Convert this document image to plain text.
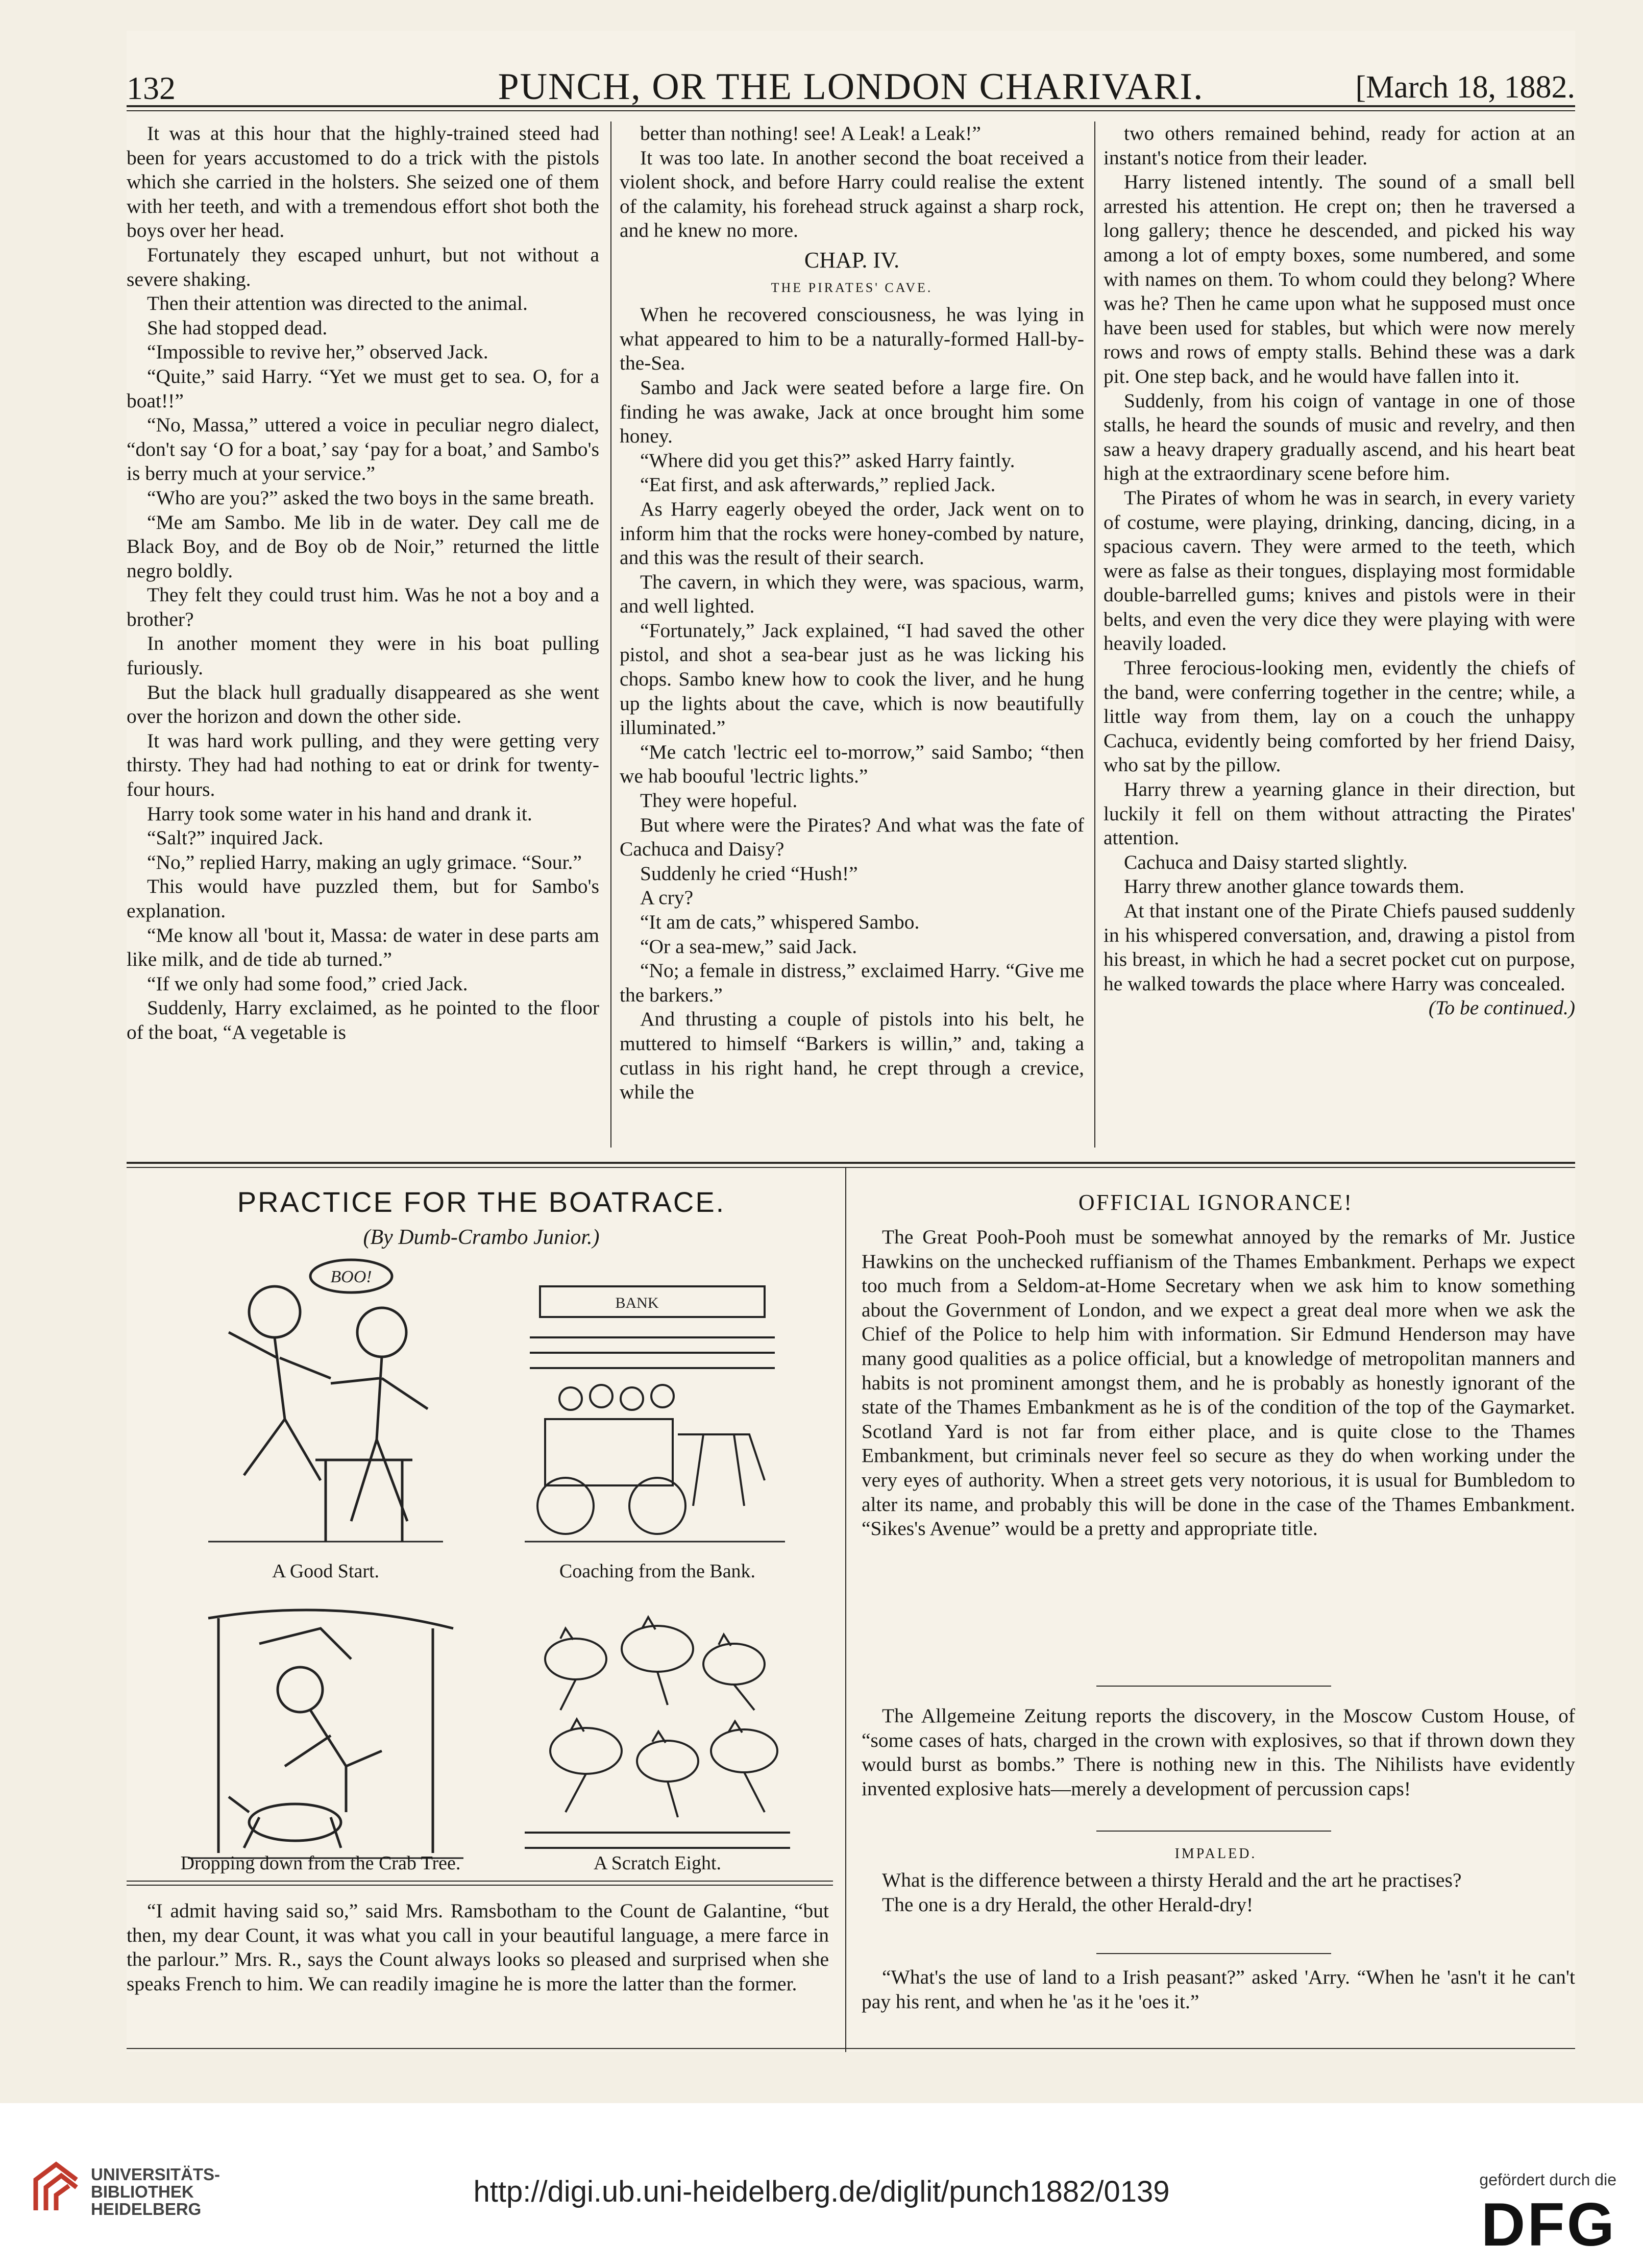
132	PUNCH, OR THE LONDON CHARIVARI.	[March 18, 1882.

It was at this hour that the highly-trained steed had been for years accustomed to do a trick with the pistols which she carried in the holsters. She seized one of them with her teeth, and with a tremendous effort shot both the boys over her head.

Fortunately they escaped unhurt, but not without a severe shaking.

Then their attention was directed to the animal.

She had stopped dead.

“Impossible to revive her,” observed Jack.

“Quite,” said Harry. “Yet we must get to sea. O, for a boat!!”

“No, Massa,” uttered a voice in peculiar negro dialect, “don't say ‘O for a boat,’ say ‘pay for a boat,’ and Sambo's is berry much at your service.”

“Who are you?” asked the two boys in the same breath.

“Me am Sambo. Me lib in de water. Dey call me de Black Boy, and de Boy ob de Noir,” returned the little negro boldly.

They felt they could trust him. Was he not a boy and a brother?

In another moment they were in his boat pulling furiously.

But the black hull gradually disappeared as she went over the horizon and down the other side.

It was hard work pulling, and they were getting very thirsty. They had had nothing to eat or drink for twenty-four hours.

Harry took some water in his hand and drank it.

“Salt?” inquired Jack.

“No,” replied Harry, making an ugly grimace. “Sour.”

This would have puzzled them, but for Sambo's explanation.

“Me know all 'bout it, Massa: de water in dese parts am like milk, and de tide ab turned.”

“If we only had some food,” cried Jack.

Suddenly, Harry exclaimed, as he pointed to the floor of the boat, “A vegetable is

better than nothing! see! A Leak! a Leak!”

It was too late. In another second the boat received a violent shock, and before Harry could realise the extent of the calamity, his forehead struck against a sharp rock, and he knew no more.

CHAP. IV.

THE PIRATES' CAVE.

When he recovered consciousness, he was lying in what appeared to him to be a naturally-formed Hall-by-the-Sea.

Sambo and Jack were seated before a large fire. On finding he was awake, Jack at once brought him some honey.

“Where did you get this?” asked Harry faintly.

“Eat first, and ask afterwards,” replied Jack.

As Harry eagerly obeyed the order, Jack went on to inform him that the rocks were honey-combed by nature, and this was the result of their search.

The cavern, in which they were, was spacious, warm, and well lighted.

“Fortunately,” Jack explained, “I had saved the other pistol, and shot a sea-bear just as he was licking his chops. Sambo knew how to cook the liver, and he hung up the lights about the cave, which is now beautifully illuminated.”

“Me catch 'lectric eel to-morrow,” said Sambo; “then we hab boouful 'lectric lights.”

They were hopeful.

But where were the Pirates? And what was the fate of Cachuca and Daisy?

Suddenly he cried “Hush!”

A cry?

“It am de cats,” whispered Sambo.

“Or a sea-mew,” said Jack.

“No; a female in distress,” exclaimed Harry. “Give me the barkers.”

And thrusting a couple of pistols into his belt, he muttered to himself “Barkers is willin,” and, taking a cutlass in his right hand, he crept through a crevice, while the

two others remained behind, ready for action at an instant's notice from their leader.

Harry listened intently. The sound of a small bell arrested his attention. He crept on; then he traversed a long gallery; thence he descended, and picked his way among a lot of empty boxes, some numbered, and some with names on them. To whom could they belong? Where was he? Then he came upon what he supposed must once have been used for stables, but which were now merely rows and rows of empty stalls. Behind these was a dark pit. One step back, and he would have fallen into it.

Suddenly, from his coign of vantage in one of those stalls, he heard the sounds of music and revelry, and then saw a heavy drapery gradually ascend, and his heart beat high at the extraordinary scene before him.

The Pirates of whom he was in search, in every variety of costume, were playing, drinking, dancing, dicing, in a spacious cavern. They were armed to the teeth, which were as false as their tongues, displaying most formidable double-barrelled gums; knives and pistols were in their belts, and even the very dice they were playing with were heavily loaded.

Three ferocious-looking men, evidently the chiefs of the band, were conferring together in the centre; while, a little way from them, lay on a couch the unhappy Cachuca, evidently being comforted by her friend Daisy, who sat by the pillow.

Harry threw a yearning glance in their direction, but luckily it fell on them without attracting the Pirates' attention.

Cachuca and Daisy started slightly.

Harry threw another glance towards them.

At that instant one of the Pirate Chiefs paused suddenly in his whispered conversation, and, drawing a pistol from his breast, in which he had a secret pocket cut on purpose, he walked towards the place where Harry was concealed.

(To be continued.)

PRACTICE FOR THE BOATRACE.
(By Dumb-Crambo Junior.)
BOO!
A Good Start.
BANK
Coaching from the Bank.
Dropping down from the Crab Tree.	A Scratch Eight.

“I admit having said so,” said Mrs. Ramsbotham to the Count de Galantine, “but then, my dear Count, it was what you call in your beautiful language, a mere farce in the parlour.” Mrs. R., says the Count always looks so pleased and surprised when she speaks French to him. We can readily imagine he is more the latter than the former.

OFFICIAL IGNORANCE!

The Great Pooh-Pooh must be somewhat annoyed by the remarks of Mr. Justice Hawkins on the unchecked ruffianism of the Thames Embankment. Perhaps we expect too much from a Seldom-at-Home Secretary when we ask him to know something about the Government of London, and we expect a great deal more when we ask the Chief of the Police to help him with information. Sir Edmund Henderson may have many good qualities as a police official, but a knowledge of metropolitan manners and habits is not prominent amongst them, and he is probably as honestly ignorant of the state of the Thames Embankment as he is of the condition of the top of the Gaymarket. Scotland Yard is not far from either place, and is quite close to the Thames Embankment, but criminals never feel so secure as they do when working under the very eyes of authority. When a street gets very notorious, it is usual for Bumbledom to alter its name, and probably this will be done in the case of the Thames Embankment. “Sikes's Avenue” would be a pretty and appropriate title.

The Allgemeine Zeitung reports the discovery, in the Moscow Custom House, of “some cases of hats, charged in the crown with explosives, so that if thrown down they would burst as bombs.” There is nothing new in this. The Nihilists have evidently invented explosive hats—merely a development of percussion caps!

IMPALED.

What is the difference between a thirsty Herald and the art he practises?

The one is a dry Herald, the other Herald-dry!

“What's the use of land to a Irish peasant?” asked 'Arry. “When he 'asn't it he can't pay his rent, and when he 'as it he 'oes it.”

UNIVERSITÄTS-
BIBLIOTHEK
HEIDELBERG
http://digi.ub.uni-heidelberg.de/diglit/punch1882/0139	gefördert durch die
DFG
